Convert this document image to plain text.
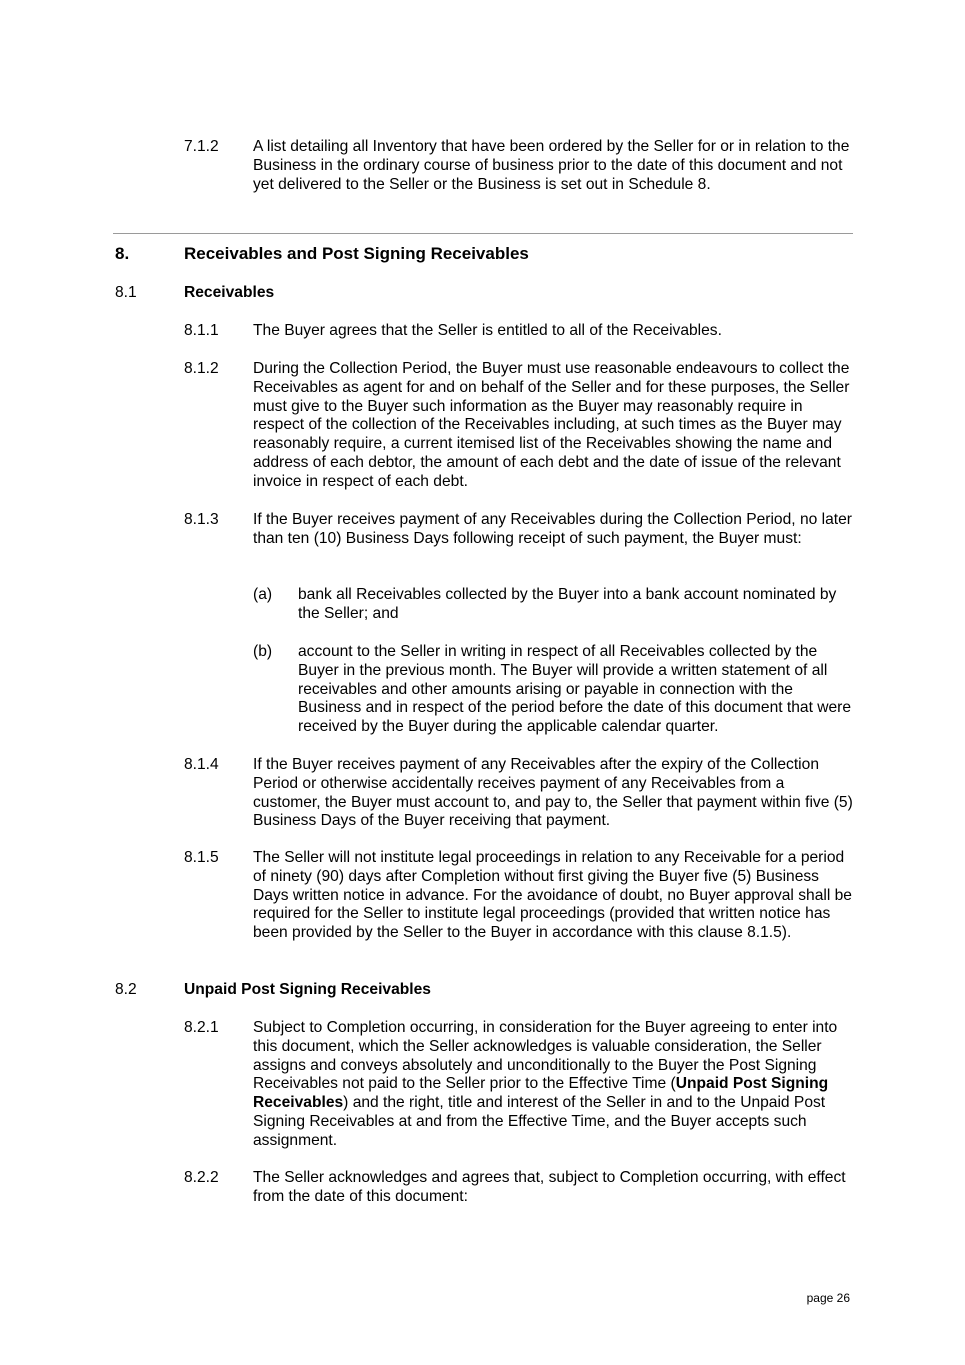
7.1.2 A list detailing all Inventory that have been ordered by the Seller for or in relation to the Business in the ordinary course of business prior to the date of this document and not yet delivered to the Seller or the Business is set out in Schedule 8.
8.	Receivables and Post Signing Receivables
8.1	Receivables
8.1.1 The Buyer agrees that the Seller is entitled to all of the Receivables.
8.1.2 During the Collection Period, the Buyer must use reasonable endeavours to collect the Receivables as agent for and on behalf of the Seller and for these purposes, the Seller must give to the Buyer such information as the Buyer may reasonably require in respect of the collection of the Receivables including, at such times as the Buyer may reasonably require, a current itemised list of the Receivables showing the name and address of each debtor, the amount of each debt and the date of issue of the relevant invoice in respect of each debt.
8.1.3 If the Buyer receives payment of any Receivables during the Collection Period, no later than ten (10) Business Days following receipt of such payment, the Buyer must:
(a) bank all Receivables collected by the Buyer into a bank account nominated by the Seller; and
(b) account to the Seller in writing in respect of all Receivables collected by the Buyer in the previous month. The Buyer will provide a written statement of all receivables and other amounts arising or payable in connection with the Business and in respect of the period before the date of this document that were received by the Buyer during the applicable calendar quarter.
8.1.4 If the Buyer receives payment of any Receivables after the expiry of the Collection Period or otherwise accidentally receives payment of any Receivables from a customer, the Buyer must account to, and pay to, the Seller that payment within five (5) Business Days of the Buyer receiving that payment.
8.1.5 The Seller will not institute legal proceedings in relation to any Receivable for a period of ninety (90) days after Completion without first giving the Buyer five (5) Business Days written notice in advance. For the avoidance of doubt, no Buyer approval shall be required for the Seller to institute legal proceedings (provided that written notice has been provided by the Seller to the Buyer in accordance with this clause 8.1.5).
8.2	Unpaid Post Signing Receivables
8.2.1 Subject to Completion occurring, in consideration for the Buyer agreeing to enter into this document, which the Seller acknowledges is valuable consideration, the Seller assigns and conveys absolutely and unconditionally to the Buyer the Post Signing Receivables not paid to the Seller prior to the Effective Time (Unpaid Post Signing Receivables) and the right, title and interest of the Seller in and to the Unpaid Post Signing Receivables at and from the Effective Time, and the Buyer accepts such assignment.
8.2.2 The Seller acknowledges and agrees that, subject to Completion occurring, with effect from the date of this document:
page 26
